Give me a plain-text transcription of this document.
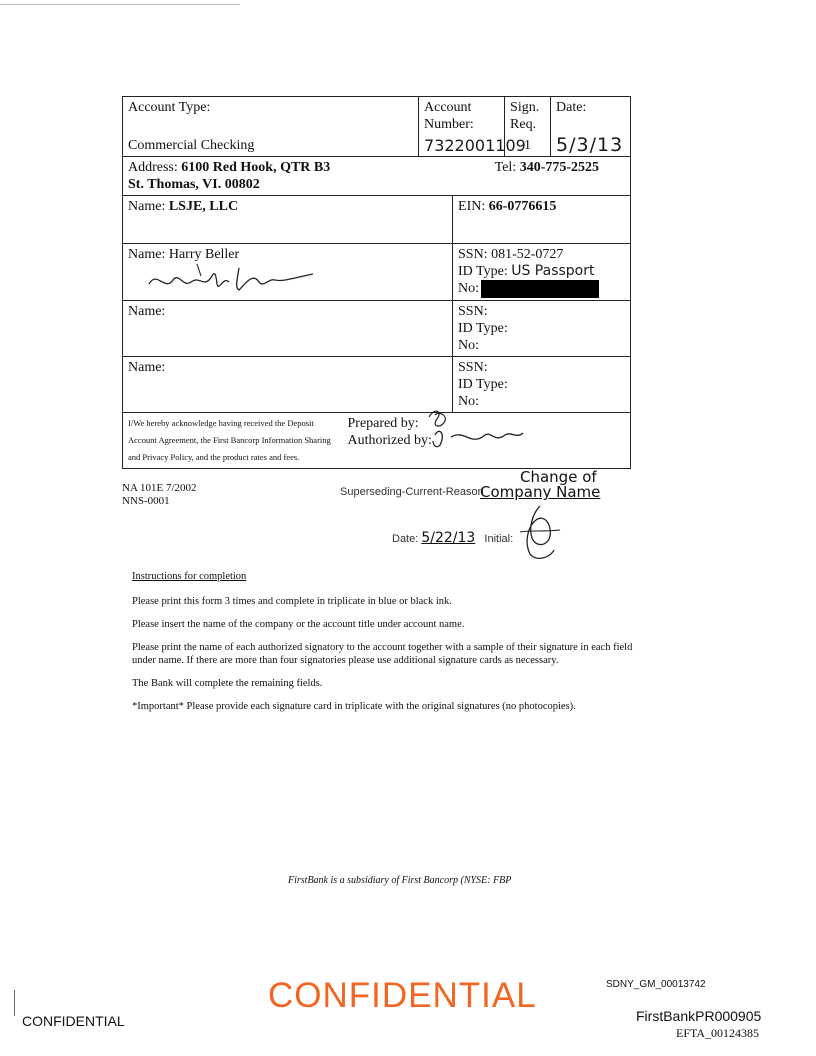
Account Type:		Account Number:		Sign. Req.	Date:
Commercial Checking		7322001109		1	5/3/13

Address: 6100 Red Hook, QTR B3 Tel: 340-775-2525
St. Thomas, VI. 00802					

Name: LSJE, LLC			EIN: 66-0776615		
Name: Harry Beller			SSN: 081-52-0727
ID Type: US Passport
No:		

Name:			SSN:
ID Type:
No:		

Name:			SSN:
ID Type:
No:		

I/We hereby acknowledge having received the Deposit Account Agreement, the First Bancorp Information Sharing and Privacy Policy, and the product rates and fees.	Prepared by:
Authorized by:				
NA 101E 7/2002
NNS-0001
Superseding-Current-Reason
Change of
Company Name
Date: 5/22/13 Initial:

Instructions for completion

Please print this form 3 times and complete in triplicate in blue or black ink.

Please insert the name of the company or the account title under account name.

Please print the name of each authorized signatory to the account together with a sample of their signature in each field under name. If there are more than four signatories please use additional signature cards as necessary.

The Bank will complete the remaining fields.

*Important* Please provide each signature card in triplicate with the original signatures (no photocopies).

FirstBank is a subsidiary of First Bancorp (NYSE: FBP
CONFIDENTIAL
CONFIDENTIAL
SDNY_GM_00013742
FirstBankPR000905
EFTA_00124385
